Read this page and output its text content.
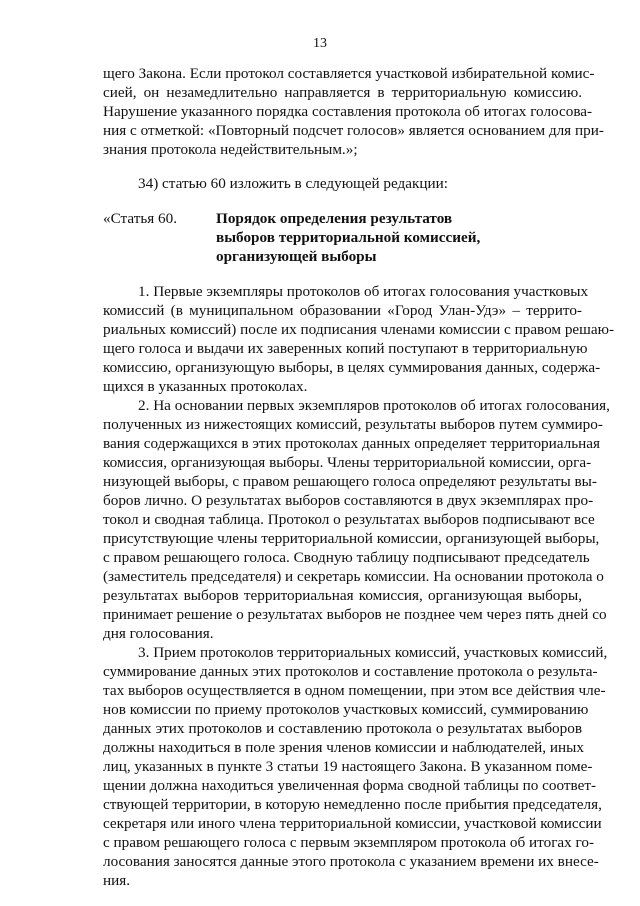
13
щего Закона. Если протокол составляется участковой избирательной комис-
сией, он незамедлительно направляется в территориальную комиссию.
Нарушение указанного порядка составления протокола об итогах голосова-
ния с отметкой: «Повторный подсчет голосов» является основанием для при-
знания протокола недействительным.»;
34) статью 60 изложить в следующей редакции:
«Статья 60.	Порядок определения результатов
выборов территориальной комиссией,
организующей выборы
1. Первые экземпляры протоколов об итогах голосования участковых
комиссий (в муниципальном образовании «Город Улан-Удэ» – террито-
риальных комиссий) после их подписания членами комиссии с правом решаю-
щего голоса и выдачи их заверенных копий поступают в территориальную
комиссию, организующую выборы, в целях суммирования данных, содержа-
щихся в указанных протоколах.
2. На основании первых экземпляров протоколов об итогах голосования,
полученных из нижестоящих комиссий, результаты выборов путем суммиро-
вания содержащихся в этих протоколах данных определяет территориальная
комиссия, организующая выборы. Члены территориальной комиссии, орга-
низующей выборы, с правом решающего голоса определяют результаты вы-
боров лично. О результатах выборов составляются в двух экземплярах про-
токол и сводная таблица. Протокол о результатах выборов подписывают все
присутствующие члены территориальной комиссии, организующей выборы,
с правом решающего голоса. Сводную таблицу подписывают председатель
(заместитель председателя) и секретарь комиссии. На основании протокола о
результатах выборов территориальная комиссия, организующая выборы,
принимает решение о результатах выборов не позднее чем через пять дней со
дня голосования.
3. Прием протоколов территориальных комиссий, участковых комиссий,
суммирование данных этих протоколов и составление протокола о результа-
тах выборов осуществляется в одном помещении, при этом все действия чле-
нов комиссии по приему протоколов участковых комиссий, суммированию
данных этих протоколов и составлению протокола о результатах выборов
должны находиться в поле зрения членов комиссии и наблюдателей, иных
лиц, указанных в пункте 3 статьи 19 настоящего Закона. В указанном поме-
щении должна находиться увеличенная форма сводной таблицы по соответ-
ствующей территории, в которую немедленно после прибытия председателя,
секретаря или иного члена территориальной комиссии, участковой комиссии
с правом решающего голоса с первым экземпляром протокола об итогах го-
лосования заносятся данные этого протокола с указанием времени их внесе-
ния.
